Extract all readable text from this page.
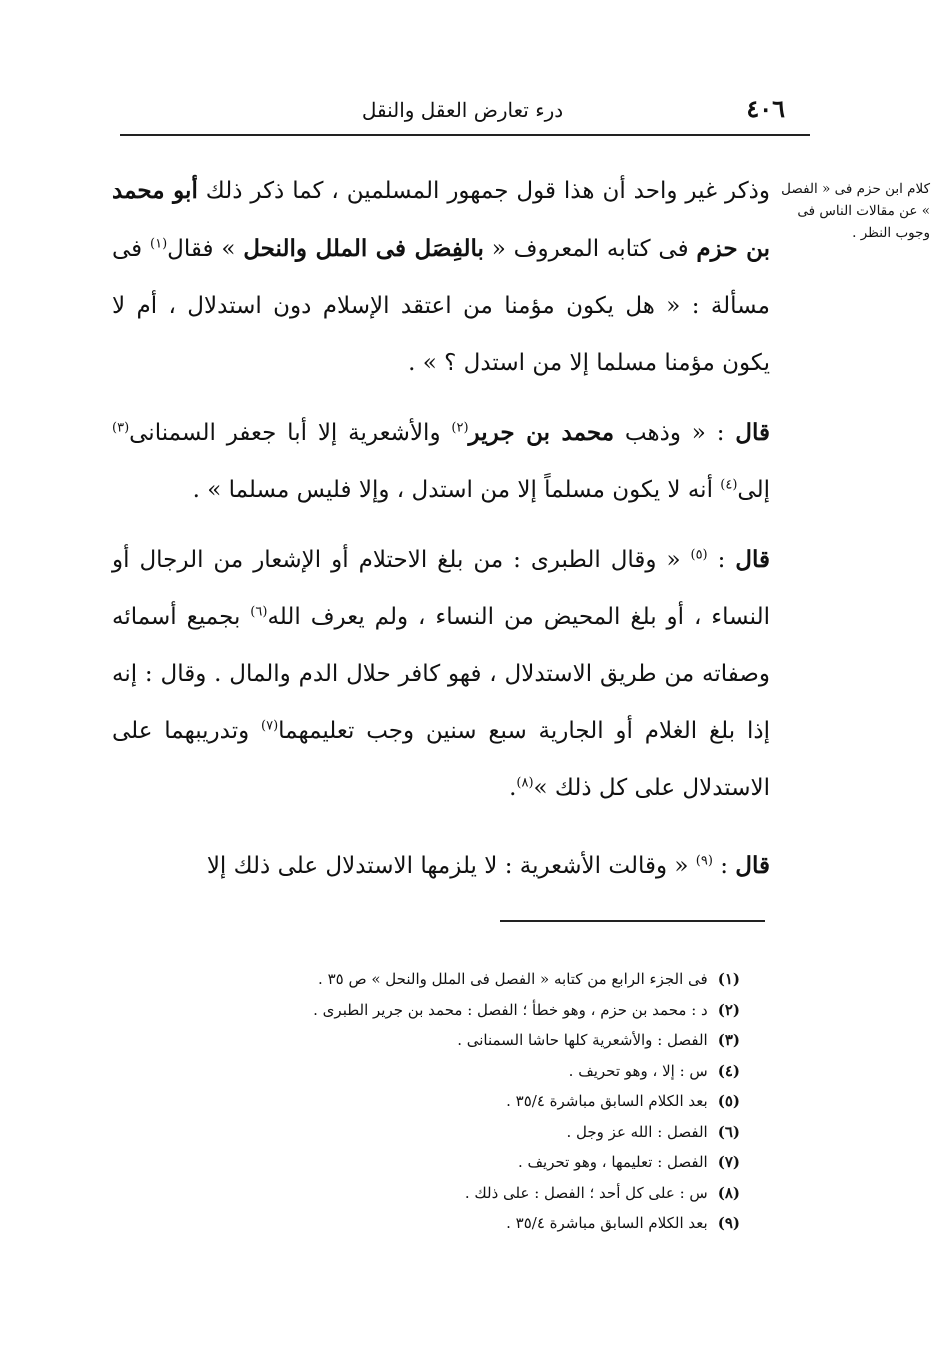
٤٠٦
درء تعارض العقل والنقل
كلام ابن حزم فى « الفصل » عن مقالات الناس فى وجوب النظر .

وذكر غير واحد أن هذا قول جمهور المسلمين ، كما ذكر ذلك أبو محمد بن حزم فى كتابه المعروف « بالفِصَل فى الملل والنحل » فقال$^{(١)}$ فى مسألة : « هل يكون مؤمنا من اعتقد الإسلام دون استدلال ، أم لا يكون مؤمنا مسلما إلا من استدل ؟ » .

قال : « وذهب محمد بن جرير$^{(٢)}$ والأشعرية إلا أبا جعفر السمنانى$^{(٣)}$ إلى$^{(٤)}$ أنه لا يكون مسلماً إلا من استدل ، وإلا فليس مسلما » .

قال : $^{(٥)}$ « وقال الطبرى : من بلغ الاحتلام أو الإشعار من الرجال أو النساء ، أو بلغ المحيض من النساء ، ولم يعرف الله$^{(٦)}$ بجميع أسمائه وصفاته من طريق الاستدلال ، فهو كافر حلال الدم والمال . وقال : إنه إذا بلغ الغلام أو الجارية سبع سنين وجب تعليمهما$^{(٧)}$ وتدريبهما على الاستدلال على كل ذلك »$^{(٨)}$.

قال : $^{(٩)}$ « وقالت الأشعرية : لا يلزمها الاستدلال على ذلك إلا

(١)فى الجزء الرابع من كتابه « الفصل فى الملل والنحل » ص ٣٥ .
(٢)د : محمد بن حزم ، وهو خطأ ؛ الفصل : محمد بن جرير الطبرى .
(٣)الفصل : والأشعرية كلها حاشا السمنانى .
(٤)س : إلا ، وهو تحريف .
(٥)بعد الكلام السابق مباشرة ٣٥/٤ .
(٦)الفصل : الله عز وجل .
(٧)الفصل : تعليمها ، وهو تحريف .
(٨)س : على كل أحد ؛ الفصل : على ذلك .
(٩)بعد الكلام السابق مباشرة ٣٥/٤ .
